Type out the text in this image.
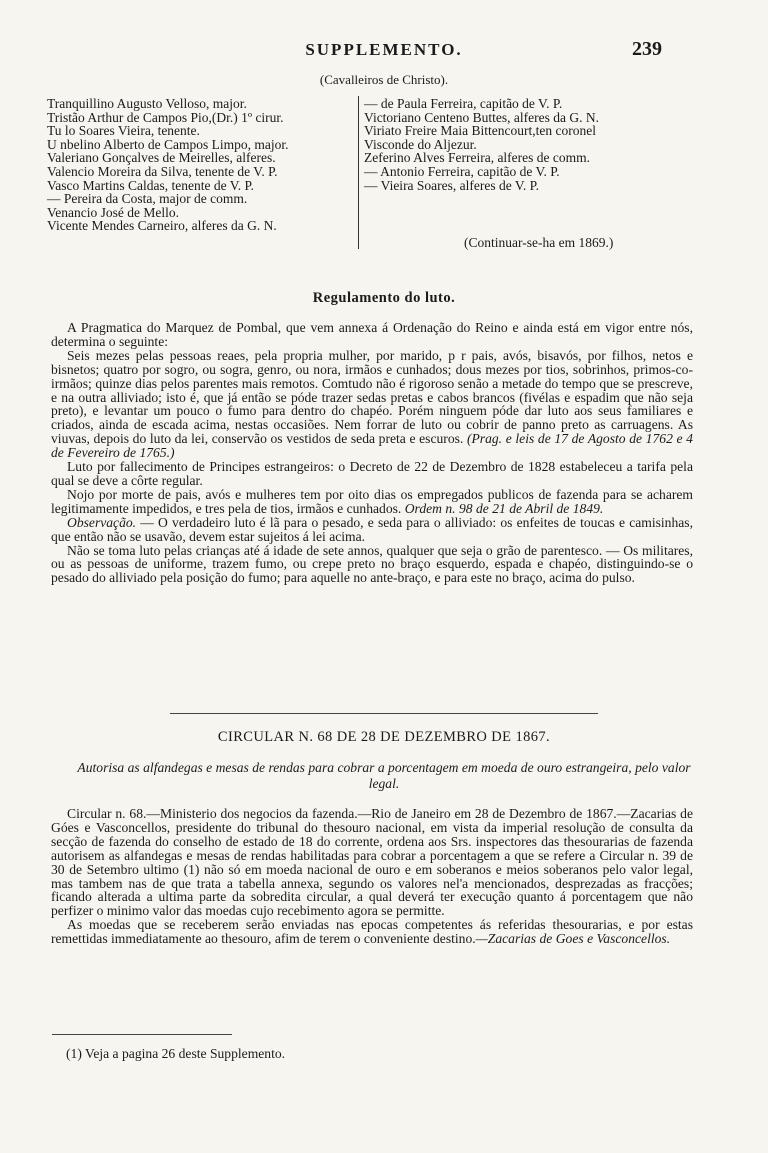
SUPPLEMENTO.	239
(Cavalleiros de Christo).
Tranquillino Augusto Velloso, major.
Tristão Arthur de Campos Pio,(Dr.) 1º cirur.
Tu lo Soares Vieira, tenente.
U nbelino Alberto de Campos Limpo, major.
Valeriano Gonçalves de Meirelles, alferes.
Valencio Moreira da Silva, tenente de V. P.
Vasco Martins Caldas, tenente de V. P.
— Pereira da Costa, major de comm.
Venancio José de Mello.
Vicente Mendes Carneiro, alferes da G. N.
— de Paula Ferreira, capitão de V. P.
Victoriano Centeno Buttes, alferes da G. N.
Viriato Freire Maia Bittencourt,ten coronel
Visconde do Aljezur.
Zeferino Alves Ferreira, alferes de comm.
— Antonio Ferreira, capitão de V. P.
— Vieira Soares, alferes de V. P.
(Continuar-se-ha em 1869.)
Regulamento do luto.

A Pragmatica do Marquez de Pombal, que vem annexa á Ordenação do Reino e ainda está em vigor entre nós, determina o seguinte:

Seis mezes pelas pessoas reaes, pela propria mulher, por marido, p r pais, avós, bisavós, por filhos, netos e bisnetos; quatro por sogro, ou sogra, genro, ou nora, irmãos e cunhados; dous mezes por tios, sobrinhos, primos-co-irmãos; quinze dias pelos parentes mais remotos. Comtudo não é rigoroso senão a metade do tempo que se prescreve, e na outra alliviado; isto é, que já então se póde trazer sedas pretas e cabos brancos (fivélas e espadim que não seja preto), e levantar um pouco o fumo para dentro do chapéo. Porém ninguem póde dar luto aos seus familiares e criados, ainda de escada acima, nestas occasiões. Nem forrar de luto ou cobrir de panno preto as carruagens. As viuvas, depois do luto da lei, conservão os vestidos de seda preta e escuros. (Prag. e leis de 17 de Agosto de 1762 e 4 de Fevereiro de 1765.)

Luto por fallecimento de Principes estrangeiros: o Decreto de 22 de Dezembro de 1828 estabeleceu a tarifa pela qual se deve a côrte regular.

Nojo por morte de pais, avós e mulheres tem por oito dias os empregados publicos de fazenda para se acharem legitimamente impedidos, e tres pela de tios, irmãos e cunhados. Ordem n. 98 de 21 de Abril de 1849.

Observação. — O verdadeiro luto é lã para o pesado, e seda para o alliviado: os enfeites de toucas e camisinhas, que então não se usavão, devem estar sujeitos á lei acima.

Não se toma luto pelas crianças até á idade de sete annos, qualquer que seja o grão de parentesco. — Os militares, ou as pessoas de uniforme, trazem fumo, ou crepe preto no braço esquerdo, espada e chapéo, distinguindo-se o pesado do alliviado pela posição do fumo; para aquelle no ante-braço, e para este no braço, acima do pulso.

CIRCULAR N. 68 DE 28 DE DEZEMBRO DE 1867.
Autorisa as alfandegas e mesas de rendas para cobrar a porcentagem em moeda de ouro estrangeira, pelo valor legal.

Circular n. 68.—Ministerio dos negocios da fazenda.—Rio de Janeiro em 28 de Dezembro de 1867.—Zacarias de Góes e Vasconcellos, presidente do tribunal do thesouro nacional, em vista da imperial resolução de consulta da secção de fazenda do conselho de estado de 18 do corrente, ordena aos Srs. inspectores das thesourarias de fazenda autorisem as alfandegas e mesas de rendas habilitadas para cobrar a porcentagem a que se refere a Circular n. 39 de 30 de Setembro ultimo (1) não só em moeda nacional de ouro e em soberanos e meios soberanos pelo valor legal, mas tambem nas de que trata a tabella annexa, segundo os valores nel'a mencionados, desprezadas as fracções; ficando alterada a ultima parte da sobredita circular, a qual deverá ter execução quanto á porcentagem que não perfizer o minimo valor das moedas cujo recebimento agora se permitte.

As moedas que se receberem serão enviadas nas epocas competentes ás referidas thesourarias, e por estas remettidas immediatamente ao thesouro, afim de terem o conveniente destino.—Zacarias de Goes e Vasconcellos.

(1) Veja a pagina 26 deste Supplemento.
